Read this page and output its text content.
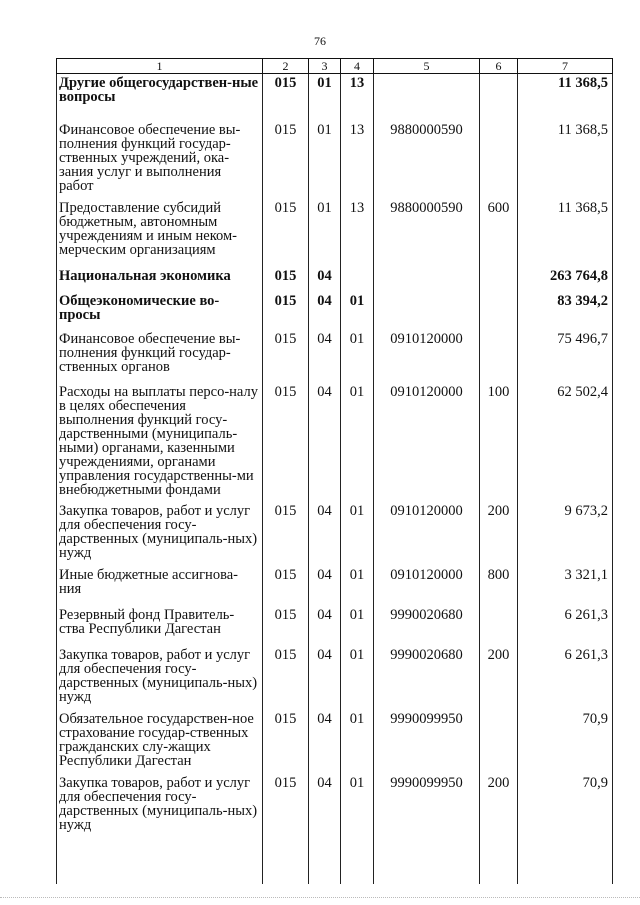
76
1	2	3	4	5	6	7
Другие общегосударствен-ные вопросы	015	01	13			11 368,5
Финансовое обеспечение вы-полнения функций государ-ственных учреждений, ока-зания услуг и выполнения работ	015	01	13	9880000590		11 368,5
Предоставление субсидий бюджетным, автономным учреждениям и иным неком-мерческим организациям	015	01	13	9880000590	600	11 368,5
Национальная экономика	015	04				263 764,8
Общеэкономические во-просы	015	04	01			83 394,2
Финансовое обеспечение вы-полнения функций государ-ственных органов	015	04	01	0910120000		75 496,7
Расходы на выплаты персо-налу в целях обеспечения выполнения функций госу-дарственными (муниципаль-ными) органами, казенными учреждениями, органами управления государственны-ми внебюджетными фондами	015	04	01	0910120000	100	62 502,4
Закупка товаров, работ и услуг для обеспечения госу-дарственных (муниципаль-ных) нужд	015	04	01	0910120000	200	9 673,2
Иные бюджетные ассигнова-ния	015	04	01	0910120000	800	3 321,1
Резервный фонд Правитель-ства Республики Дагестан	015	04	01	9990020680		6 261,3
Закупка товаров, работ и услуг для обеспечения госу-дарственных (муниципаль-ных) нужд	015	04	01	9990020680	200	6 261,3
Обязательное государствен-ное страхование государ-ственных гражданских слу-жащих Республики Дагестан	015	04	01	9990099950		70,9
Закупка товаров, работ и услуг для обеспечения госу-дарственных (муниципаль-ных) нужд	015	04	01	9990099950	200	70,9
